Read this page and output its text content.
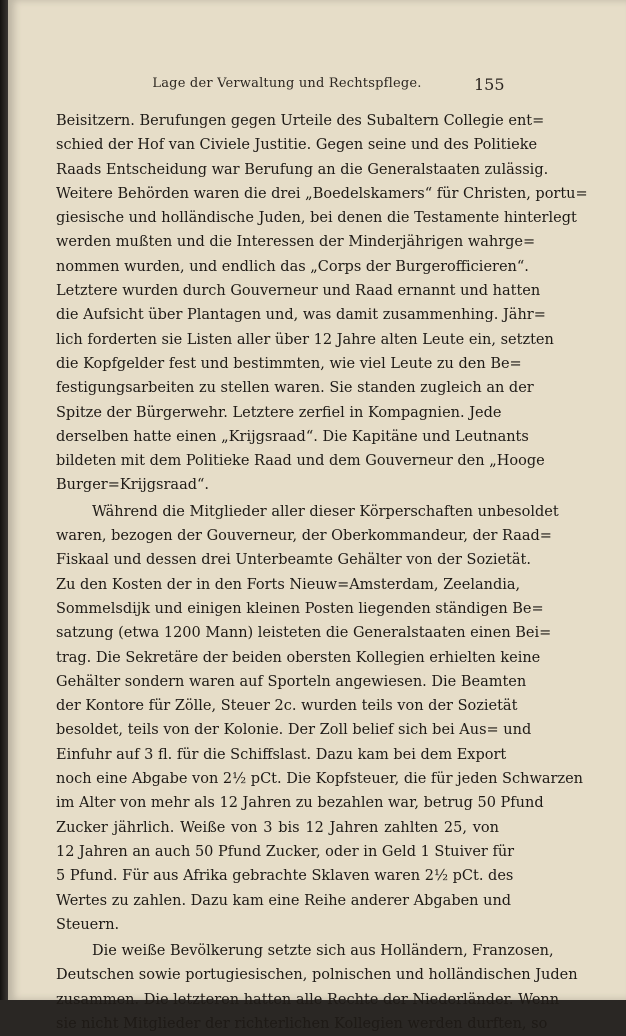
Lage der Verwaltung und Rechtspflege.	155
Beisitzern. Berufungen gegen Urteile des Subaltern Collegie ent=
schied der Hof van Civiele Justitie. Gegen seine und des Politieke
Raads Entscheidung war Berufung an die Generalstaaten zulässig.
Weitere Behörden waren die drei „Boedelskamers“ für Christen, portu=
giesische und holländische Juden, bei denen die Testamente hinterlegt
werden mußten und die Interessen der Minderjährigen wahrge=
nommen wurden, und endlich das „Corps der Burgerofficieren“.
Letztere wurden durch Gouverneur und Raad ernannt und hatten
die Aufsicht über Plantagen und, was damit zusammenhing. Jähr=
lich forderten sie Listen aller über 12 Jahre alten Leute ein, setzten
die Kopfgelder fest und bestimmten, wie viel Leute zu den Be=
festigungsarbeiten zu stellen waren. Sie standen zugleich an der
Spitze der Bürgerwehr. Letztere zerfiel in Kompagnien. Jede
derselben hatte einen „Krijgsraad“. Die Kapitäne und Leutnants
bildeten mit dem Politieke Raad und dem Gouverneur den „Hooge
Burger=Krijgsraad“.
Während die Mitglieder aller dieser Körperschaften unbesoldet
waren, bezogen der Gouverneur, der Oberkommandeur, der Raad=
Fiskaal und dessen drei Unterbeamte Gehälter von der Sozietät.
Zu den Kosten der in den Forts Nieuw=Amsterdam, Zeelandia,
Sommelsdijk und einigen kleinen Posten liegenden ständigen Be=
satzung (etwa 1200 Mann) leisteten die Generalstaaten einen Bei=
trag. Die Sekretäre der beiden obersten Kollegien erhielten keine
Gehälter sondern waren auf Sporteln angewiesen. Die Beamten
der Kontore für Zölle, Steuer 2c. wurden teils von der Sozietät
besoldet, teils von der Kolonie. Der Zoll belief sich bei Aus= und
Einfuhr auf 3 fl. für die Schiffslast. Dazu kam bei dem Export
noch eine Abgabe von 2½ pCt. Die Kopfsteuer, die für jeden Schwarzen
im Alter von mehr als 12 Jahren zu bezahlen war, betrug 50 Pfund
Zucker jährlich. Weiße von 3 bis 12 Jahren zahlten 25, von
12 Jahren an auch 50 Pfund Zucker, oder in Geld 1 Stuiver für
5 Pfund. Für aus Afrika gebrachte Sklaven waren 2½ pCt. des
Wertes zu zahlen. Dazu kam eine Reihe anderer Abgaben und
Steuern.
Die weiße Bevölkerung setzte sich aus Holländern, Franzosen,
Deutschen sowie portugiesischen, polnischen und holländischen Juden
zusammen. Die letzteren hatten alle Rechte der Niederländer. Wenn
sie nicht Mitglieder der richterlichen Kollegien werden durften, so
